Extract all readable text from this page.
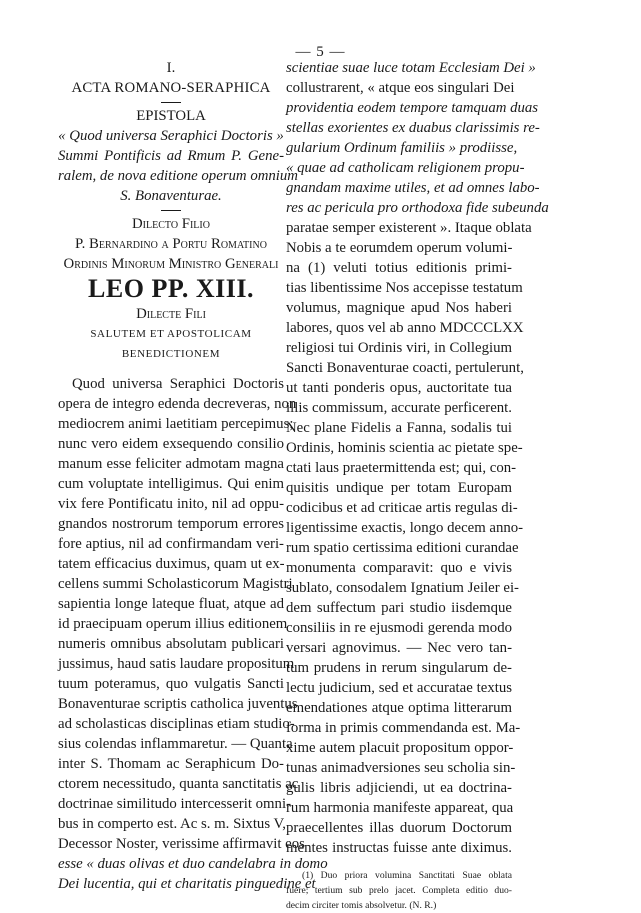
— 5 —
I.
ACTA ROMANO-SERAPHICA
EPISTOLA
« Quod universa Seraphici Doctoris »
Summi Pontificis ad Rmum P. Gene-
ralem, de nova editione operum omnium
S. Bonaventurae.
Dilecto Filio
P. Bernardino a Portu Romatino
Ordinis Minorum Ministro Generali
LEO PP. XIII.
Dilecte Fili
SALUTEM ET APOSTOLICAM
BENEDICTIONEM
Quod universa Seraphici Doctoris
opera de integro edenda decreveras, non
mediocrem animi laetitiam percepimus;
nunc vero eidem exsequendo consilio
manum esse feliciter admotam magna
cum voluptate intelligimus. Qui enim
vix fere Pontificatu inito, nil ad oppu-
gnandos nostrorum temporum errores
fore aptius, nil ad confirmandam veri-
tatem efficacius duximus, quam ut ex-
cellens summi Scholasticorum Magistri
sapientia longe lateque fluat, atque ad
id praecipuam operum illius editionem
numeris omnibus absolutam publicari
jussimus, haud satis laudare propositum
tuum poteramus, quo vulgatis Sancti
Bonaventurae scriptis catholica juventus
ad scholasticas disciplinas etiam studio-
sius colendas inflammaretur. — Quanta
inter S. Thomam ac Seraphicum Do-
ctorem necessitudo, quanta sanctitatis ac
doctrinae similitudo intercesserit omni-
bus in comperto est. Ac s. m. Sixtus V,
Decessor Noster, verissime affirmavit eos
esse « duas olivas et duo candelabra in domo
Dei lucentia, qui et charitatis pinguedine et
scientiae suae luce totam Ecclesiam Dei »
collustrarent, « atque eos singulari Dei
providentia eodem tempore tamquam duas
stellas exorientes ex duabus clarissimis re-
gularium Ordinum familiis » prodiisse,
« quae ad catholicam religionem propu-
gnandam maxime utiles, et ad omnes labo-
res ac pericula pro orthodoxa fide subeunda
paratae semper existerent ». Itaque oblata
Nobis a te eorumdem operum volumi-
na (1) veluti totius editionis primi-
tias libentissime Nos accepisse testatum
volumus, magnique apud Nos haberi
labores, quos vel ab anno MDCCCLXX
religiosi tui Ordinis viri, in Collegium
Sancti Bonaventurae coacti, pertulerunt,
ut tanti ponderis opus, auctoritate tua
illis commissum, accurate perficerent.
Nec plane Fidelis a Fanna, sodalis tui
Ordinis, hominis scientia ac pietate spe-
ctati laus praetermittenda est; qui, con-
quisitis undique per totam Europam
codicibus et ad criticae artis regulas di-
ligentissime exactis, longo decem anno-
rum spatio certissima editioni curandae
monumenta comparavit: quo e vivis
sublato, consodalem Ignatium Jeiler ei-
dem suffectum pari studio iisdemque
consiliis in re ejusmodi gerenda modo
versari agnovimus. — Nec vero tan-
tum prudens in rerum singularum de-
lectu judicium, sed et accuratae textus
emendationes atque optima litterarum
forma in primis commendanda est. Ma-
xime autem placuit propositum oppor-
tunas animadversiones seu scholia sin-
gulis libris adjiciendi, ut ea doctrina-
rum harmonia manifeste appareat, qua
praecellentes illas duorum Doctorum
mentes instructas fuisse ante diximus.
(1) Duo priora volumina Sanctitati Suae oblata
fuere; tertium sub prelo jacet. Completa editio duo-
decim circiter tomis absolvetur. (N. R.)
